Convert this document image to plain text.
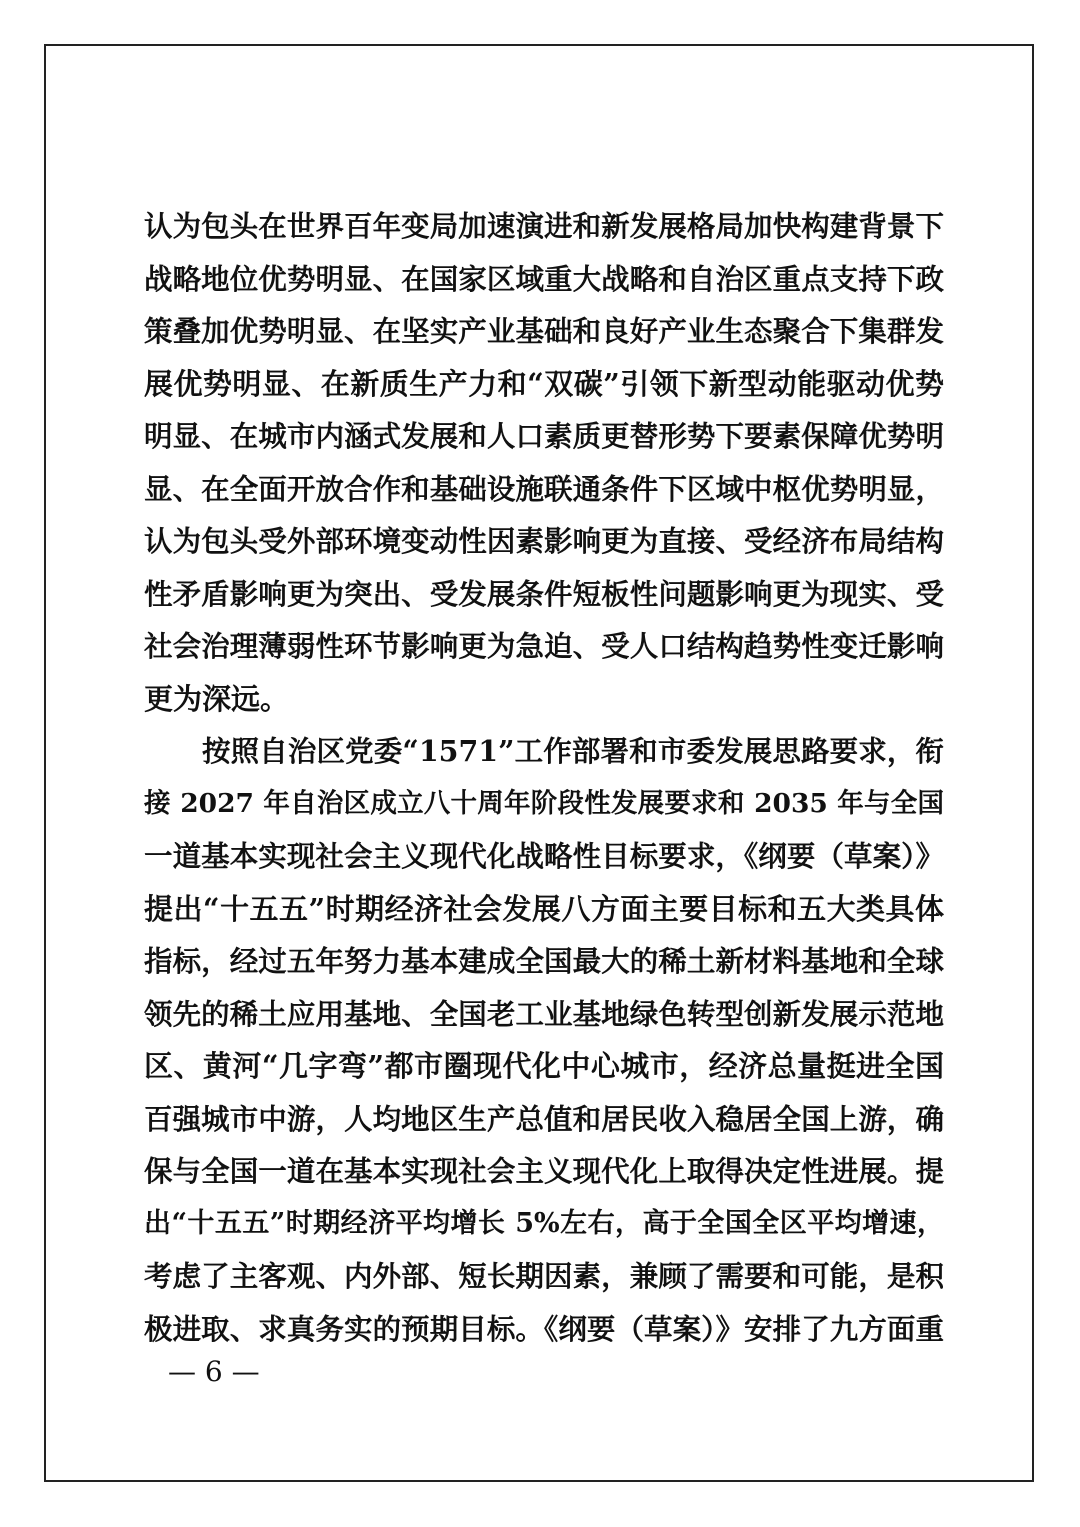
认为包头在世界百年变局加速演进和新发展格局加快构建背景下
战略地位优势明显、在国家区域重大战略和自治区重点支持下政
策叠加优势明显、在坚实产业基础和良好产业生态聚合下集群发
展优势明显、在新质生产力和“双碳”引领下新型动能驱动优势
明显、在城市内涵式发展和人口素质更替形势下要素保障优势明
显、在全面开放合作和基础设施联通条件下区域中枢优势明显，
认为包头受外部环境变动性因素影响更为直接、受经济布局结构
性矛盾影响更为突出、受发展条件短板性问题影响更为现实、受
社会治理薄弱性环节影响更为急迫、受人口结构趋势性变迁影响
更为深远。
按照自治区党委“1571”工作部署和市委发展思路要求，衔
接 2027 年自治区成立八十周年阶段性发展要求和 2035 年与全国
一道基本实现社会主义现代化战略性目标要求，《纲要（草案）》
提出“十五五”时期经济社会发展八方面主要目标和五大类具体
指标，经过五年努力基本建成全国最大的稀土新材料基地和全球
领先的稀土应用基地、全国老工业基地绿色转型创新发展示范地
区、黄河“几字弯”都市圈现代化中心城市，经济总量挺进全国
百强城市中游，人均地区生产总值和居民收入稳居全国上游，确
保与全国一道在基本实现社会主义现代化上取得决定性进展。提
出“十五五”时期经济平均增长 5%左右，高于全国全区平均增速，
考虑了主客观、内外部、短长期因素，兼顾了需要和可能，是积
极进取、求真务实的预期目标。《纲要（草案）》安排了九方面重
— 6 —
